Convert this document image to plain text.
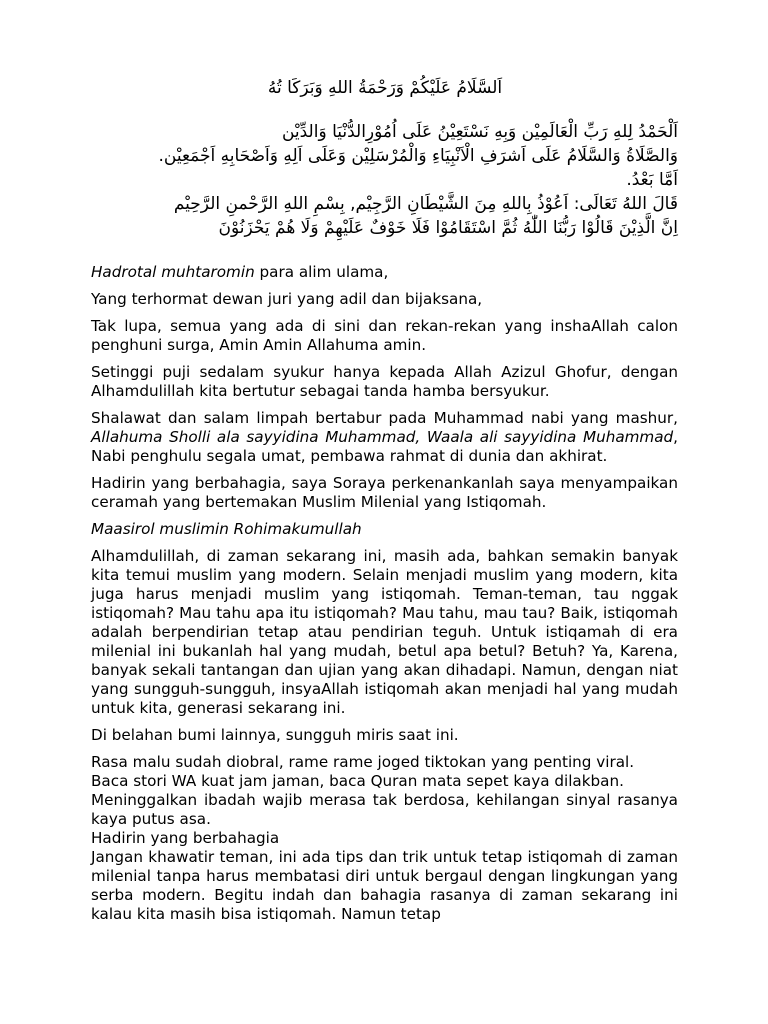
اَلسَّلَامُ عَلَيْكُمْ وَرَحْمَةُ اللهِ وَبَرَكَا تُهُ
اَلْحَمْدُ لِلهِ رَبِّ الْعَالَمِيْن وَبِهِ نَسْتَعِيْنُ عَلَى اُمُوْرِالدُّنْيَا وَالدِّيْن
وَالصَّلَاةُ وَالسَّلَامُ عَلَى اَشرَفِ الْاَنْبِيَاءِ وَالْمُرْسَلِيْن وَعَلَى اَلِهِ وَاَصْحَابِهِ اَجْمَعِيْن.
اَمَّا بَعْدُ.
قَالَ اللهُ تَعَالَى: اَعُوْذُ بِاللهِ مِنَ الشَّيْطَانِ الرَّجِيْم, بِسْمِ اللهِ الرَّحْمنِ الرَّحِيْم
اِنَّ الَّذِيْنَ قَالُوْا رَبُّنَا اللّٰهُ ثُمَّ اسْتَقَامُوْا فَلَا خَوْفٌ عَلَيْهِمْ وَلَا هُمْ يَحْزَنُوْنَ

Hadrotal muhtaromin para alim ulama,

Yang terhormat dewan juri yang adil dan bijaksana,

Tak lupa, semua yang ada di sini dan rekan-rekan yang inshaAllah calon penghuni surga, Amin Amin Allahuma amin.

Setinggi puji sedalam syukur hanya kepada Allah Azizul Ghofur, dengan Alhamdulillah kita bertutur sebagai tanda hamba bersyukur.

Shalawat dan salam limpah bertabur pada Muhammad nabi yang mashur, Allahuma Sholli ala sayyidina Muhammad, Waala ali sayyidina Muhammad, Nabi penghulu segala umat, pembawa rahmat di dunia dan akhirat.

Hadirin yang berbahagia, saya Soraya perkenankanlah saya menyampaikan ceramah yang bertemakan Muslim Milenial yang Istiqomah.

Maasirol muslimin Rohimakumullah

Alhamdulillah, di zaman sekarang ini, masih ada, bahkan semakin banyak kita temui muslim yang modern. Selain menjadi muslim yang modern, kita juga harus menjadi muslim yang istiqomah. Teman-teman, tau nggak istiqomah? Mau tahu apa itu istiqomah? Mau tahu, mau tau? Baik, istiqomah adalah berpendirian tetap atau pendirian teguh. Untuk istiqamah di era milenial ini bukanlah hal yang mudah, betul apa betul? Betuh? Ya, Karena, banyak sekali tantangan dan ujian yang akan dihadapi. Namun, dengan niat yang sungguh-sungguh, insyaAllah istiqomah akan menjadi hal yang mudah untuk kita, generasi sekarang ini.

Di belahan bumi lainnya, sungguh miris saat ini.

Rasa malu sudah diobral, rame rame joged tiktokan yang penting viral.

Baca stori WA kuat jam jaman, baca Quran mata sepet kaya dilakban.

Meninggalkan ibadah wajib merasa tak berdosa, kehilangan sinyal rasanya kaya putus asa.

Hadirin yang berbahagia

Jangan khawatir teman, ini ada tips dan trik untuk tetap istiqomah di zaman milenial tanpa harus membatasi diri untuk bergaul dengan lingkungan yang serba modern. Begitu indah dan bahagia rasanya di zaman sekarang ini kalau kita masih bisa istiqomah. Namun tetap
